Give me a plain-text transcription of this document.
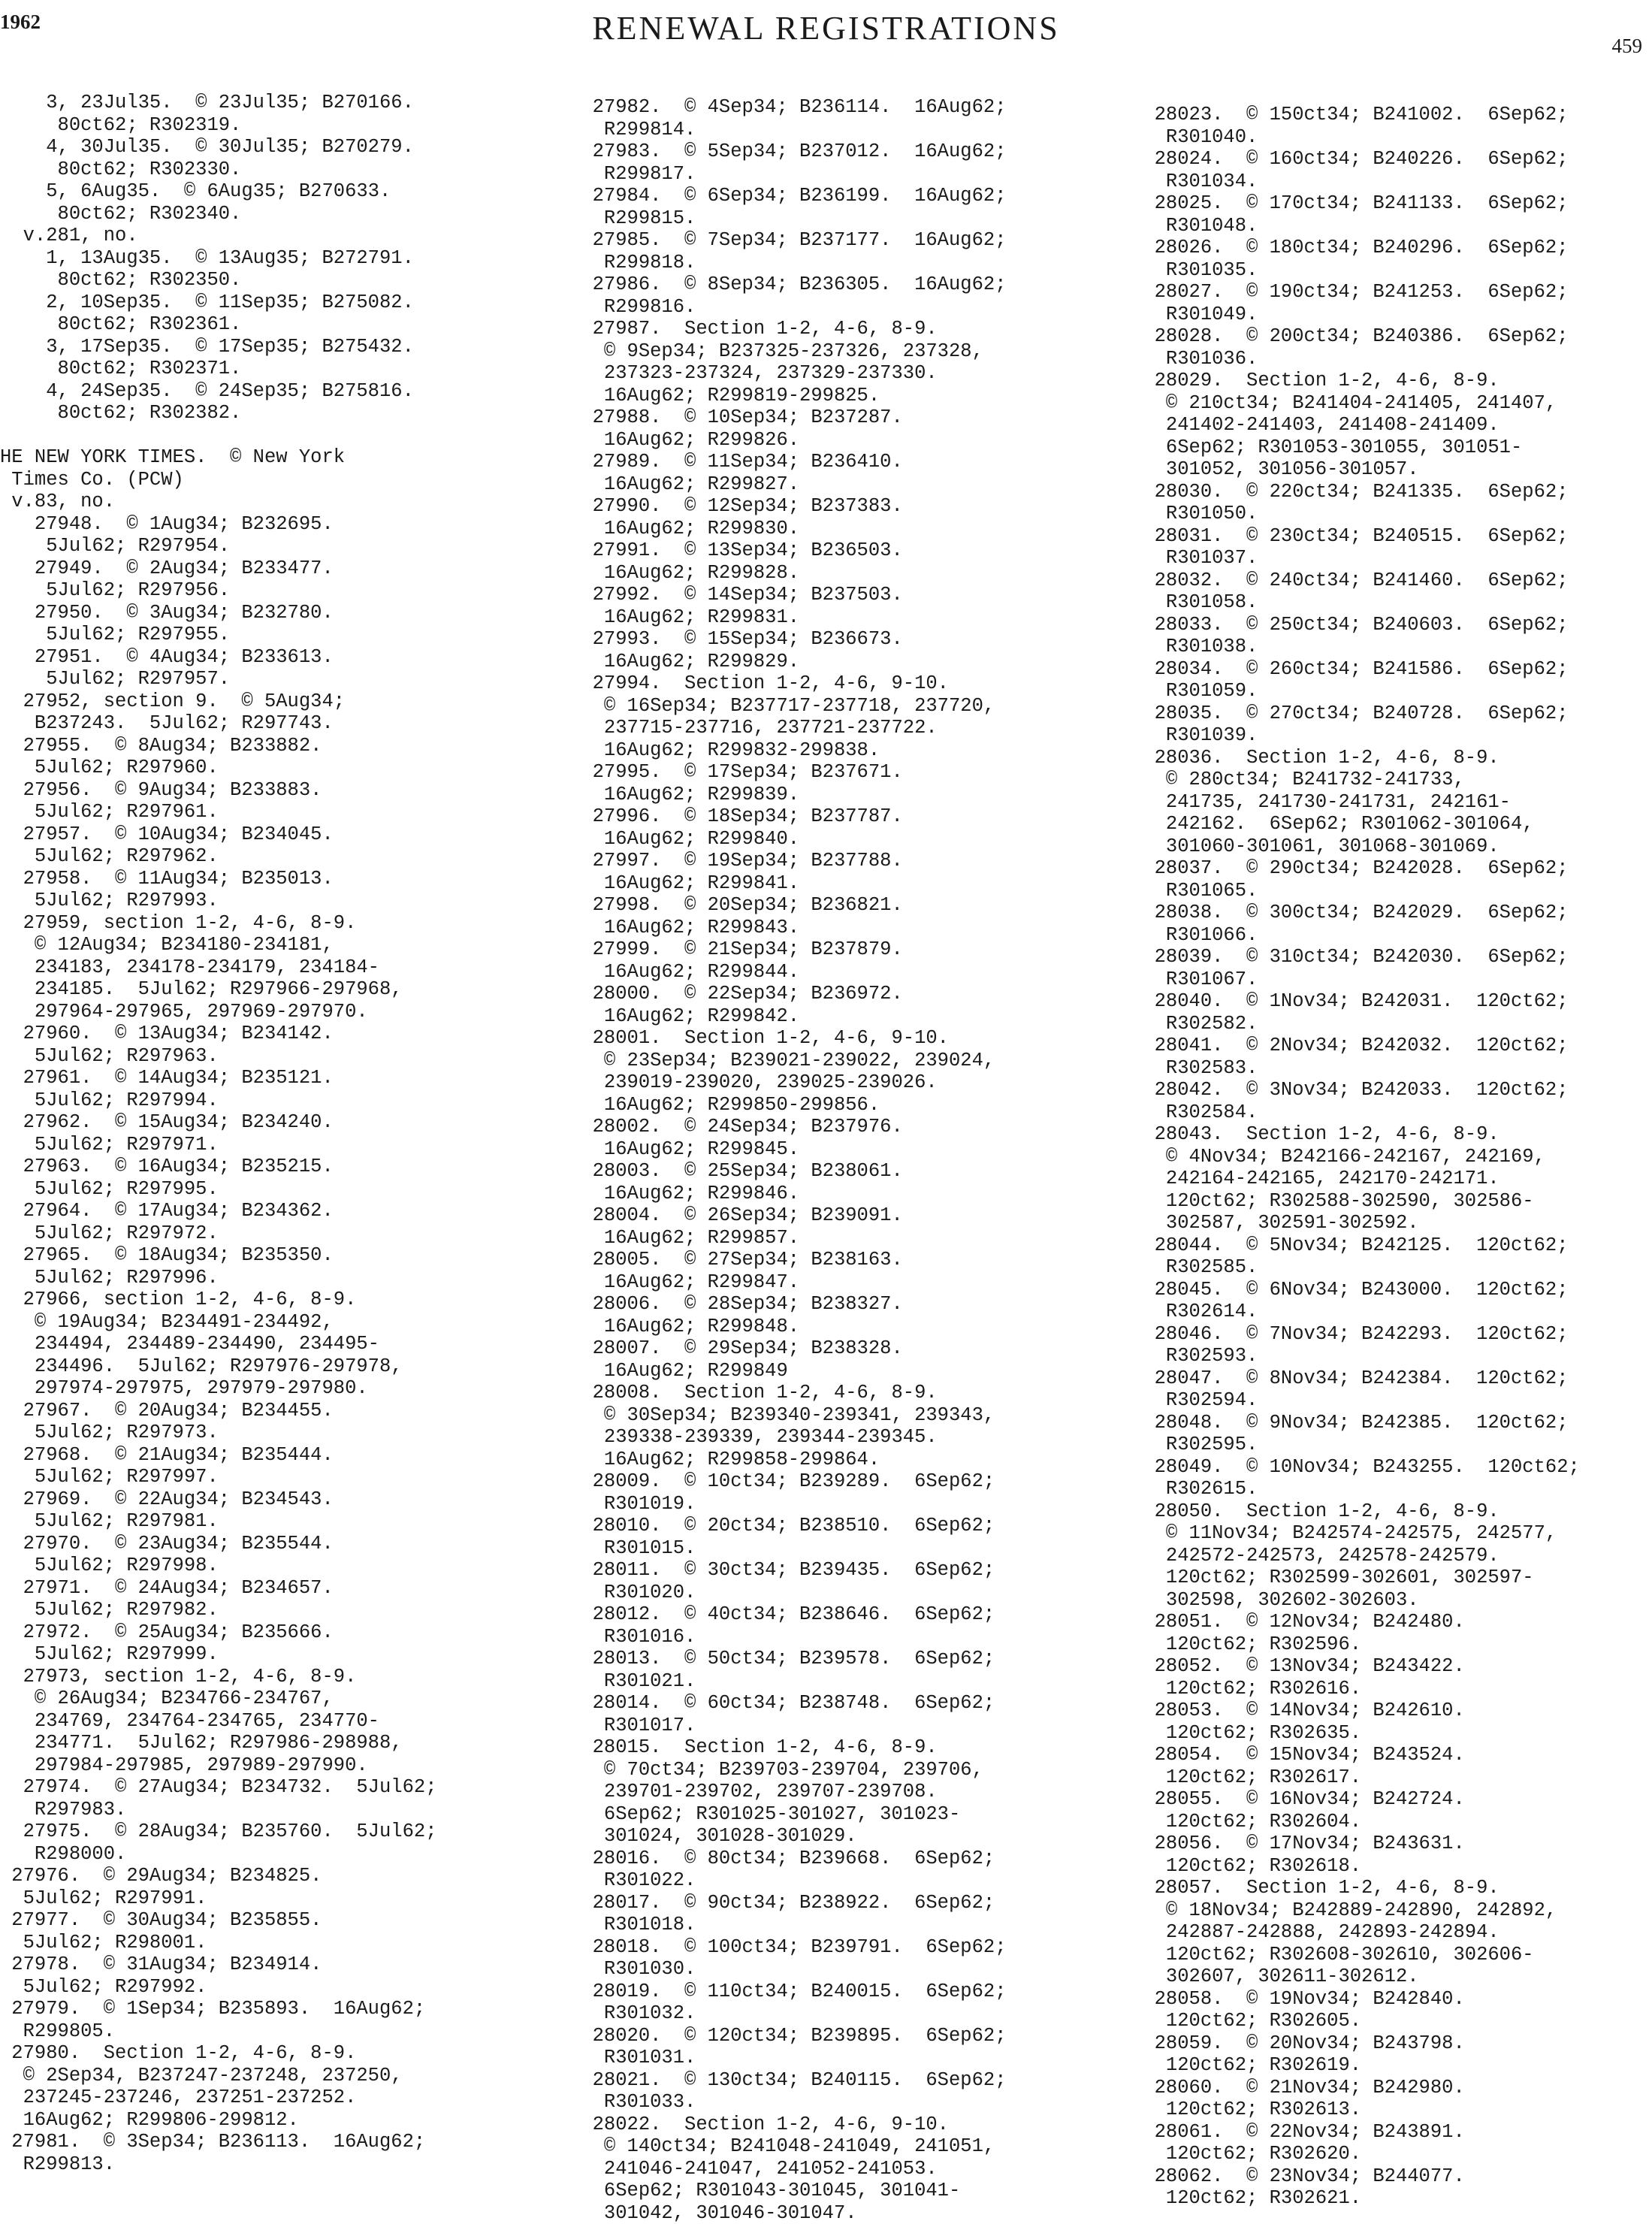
1962	RENEWAL REGISTRATIONS	459
3, 23Jul35.  © 23Jul35; B270166.
80ct62; R302319.
4, 30Jul35.  © 30Jul35; B270279.
80ct62; R302330.
5, 6Aug35.  © 6Aug35; B270633.
80ct62; R302340.
v.281, no.
1, 13Aug35.  © 13Aug35; B272791.
80ct62; R302350.
2, 10Sep35.  © 11Sep35; B275082.
80ct62; R302361.
3, 17Sep35.  © 17Sep35; B275432.
80ct62; R302371.
4, 24Sep35.  © 24Sep35; B275816.
80ct62; R302382.

HE NEW YORK TIMES.  © New York
Times Co. (PCW)
v.83, no.
27948.  © 1Aug34; B232695.
5Jul62; R297954.
27949.  © 2Aug34; B233477.
5Jul62; R297956.
27950.  © 3Aug34; B232780.
5Jul62; R297955.
27951.  © 4Aug34; B233613.
5Jul62; R297957.
27952, section 9.  © 5Aug34;
B237243.  5Jul62; R297743.
27955.  © 8Aug34; B233882.
5Jul62; R297960.
27956.  © 9Aug34; B233883.
5Jul62; R297961.
27957.  © 10Aug34; B234045.
5Jul62; R297962.
27958.  © 11Aug34; B235013.
5Jul62; R297993.
27959, section 1-2, 4-6, 8-9.
© 12Aug34; B234180-234181,
234183, 234178-234179, 234184-
234185.  5Jul62; R297966-297968,
297964-297965, 297969-297970.
27960.  © 13Aug34; B234142.
5Jul62; R297963.
27961.  © 14Aug34; B235121.
5Jul62; R297994.
27962.  © 15Aug34; B234240.
5Jul62; R297971.
27963.  © 16Aug34; B235215.
5Jul62; R297995.
27964.  © 17Aug34; B234362.
5Jul62; R297972.
27965.  © 18Aug34; B235350.
5Jul62; R297996.
27966, section 1-2, 4-6, 8-9.
© 19Aug34; B234491-234492,
234494, 234489-234490, 234495-
234496.  5Jul62; R297976-297978,
297974-297975, 297979-297980.
27967.  © 20Aug34; B234455.
5Jul62; R297973.
27968.  © 21Aug34; B235444.
5Jul62; R297997.
27969.  © 22Aug34; B234543.
5Jul62; R297981.
27970.  © 23Aug34; B235544.
5Jul62; R297998.
27971.  © 24Aug34; B234657.
5Jul62; R297982.
27972.  © 25Aug34; B235666.
5Jul62; R297999.
27973, section 1-2, 4-6, 8-9.
© 26Aug34; B234766-234767,
234769, 234764-234765, 234770-
234771.  5Jul62; R297986-298988,
297984-297985, 297989-297990.
27974.  © 27Aug34; B234732.  5Jul62;
R297983.
27975.  © 28Aug34; B235760.  5Jul62;
R298000.
27976.  © 29Aug34; B234825.
5Jul62; R297991.
27977.  © 30Aug34; B235855.
5Jul62; R298001.
27978.  © 31Aug34; B234914.
5Jul62; R297992.
27979.  © 1Sep34; B235893.  16Aug62;
R299805.
27980.  Section 1-2, 4-6, 8-9.
© 2Sep34, B237247-237248, 237250,
237245-237246, 237251-237252.
16Aug62; R299806-299812.
27981.  © 3Sep34; B236113.  16Aug62;
R299813.
27982.  © 4Sep34; B236114.  16Aug62;
R299814.
27983.  © 5Sep34; B237012.  16Aug62;
R299817.
27984.  © 6Sep34; B236199.  16Aug62;
R299815.
27985.  © 7Sep34; B237177.  16Aug62;
R299818.
27986.  © 8Sep34; B236305.  16Aug62;
R299816.
27987.  Section 1-2, 4-6, 8-9.
© 9Sep34; B237325-237326, 237328,
237323-237324, 237329-237330.
16Aug62; R299819-299825.
27988.  © 10Sep34; B237287.
16Aug62; R299826.
27989.  © 11Sep34; B236410.
16Aug62; R299827.
27990.  © 12Sep34; B237383.
16Aug62; R299830.
27991.  © 13Sep34; B236503.
16Aug62; R299828.
27992.  © 14Sep34; B237503.
16Aug62; R299831.
27993.  © 15Sep34; B236673.
16Aug62; R299829.
27994.  Section 1-2, 4-6, 9-10.
© 16Sep34; B237717-237718, 237720,
237715-237716, 237721-237722.
16Aug62; R299832-299838.
27995.  © 17Sep34; B237671.
16Aug62; R299839.
27996.  © 18Sep34; B237787.
16Aug62; R299840.
27997.  © 19Sep34; B237788.
16Aug62; R299841.
27998.  © 20Sep34; B236821.
16Aug62; R299843.
27999.  © 21Sep34; B237879.
16Aug62; R299844.
28000.  © 22Sep34; B236972.
16Aug62; R299842.
28001.  Section 1-2, 4-6, 9-10.
© 23Sep34; B239021-239022, 239024,
239019-239020, 239025-239026.
16Aug62; R299850-299856.
28002.  © 24Sep34; B237976.
16Aug62; R299845.
28003.  © 25Sep34; B238061.
16Aug62; R299846.
28004.  © 26Sep34; B239091.
16Aug62; R299857.
28005.  © 27Sep34; B238163.
16Aug62; R299847.
28006.  © 28Sep34; B238327.
16Aug62; R299848.
28007.  © 29Sep34; B238328.
16Aug62; R299849
28008.  Section 1-2, 4-6, 8-9.
© 30Sep34; B239340-239341, 239343,
239338-239339, 239344-239345.
16Aug62; R299858-299864.
28009.  © 10ct34; B239289.  6Sep62;
R301019.
28010.  © 20ct34; B238510.  6Sep62;
R301015.
28011.  © 30ct34; B239435.  6Sep62;
R301020.
28012.  © 40ct34; B238646.  6Sep62;
R301016.
28013.  © 50ct34; B239578.  6Sep62;
R301021.
28014.  © 60ct34; B238748.  6Sep62;
R301017.
28015.  Section 1-2, 4-6, 8-9.
© 70ct34; B239703-239704, 239706,
239701-239702, 239707-239708.
6Sep62; R301025-301027, 301023-
301024, 301028-301029.
28016.  © 80ct34; B239668.  6Sep62;
R301022.
28017.  © 90ct34; B238922.  6Sep62;
R301018.
28018.  © 100ct34; B239791.  6Sep62;
R301030.
28019.  © 110ct34; B240015.  6Sep62;
R301032.
28020.  © 120ct34; B239895.  6Sep62;
R301031.
28021.  © 130ct34; B240115.  6Sep62;
R301033.
28022.  Section 1-2, 4-6, 9-10.
© 140ct34; B241048-241049, 241051,
241046-241047, 241052-241053.
6Sep62; R301043-301045, 301041-
301042, 301046-301047.
28023.  © 150ct34; B241002.  6Sep62;
R301040.
28024.  © 160ct34; B240226.  6Sep62;
R301034.
28025.  © 170ct34; B241133.  6Sep62;
R301048.
28026.  © 180ct34; B240296.  6Sep62;
R301035.
28027.  © 190ct34; B241253.  6Sep62;
R301049.
28028.  © 200ct34; B240386.  6Sep62;
R301036.
28029.  Section 1-2, 4-6, 8-9.
© 210ct34; B241404-241405, 241407,
241402-241403, 241408-241409.
6Sep62; R301053-301055, 301051-
301052, 301056-301057.
28030.  © 220ct34; B241335.  6Sep62;
R301050.
28031.  © 230ct34; B240515.  6Sep62;
R301037.
28032.  © 240ct34; B241460.  6Sep62;
R301058.
28033.  © 250ct34; B240603.  6Sep62;
R301038.
28034.  © 260ct34; B241586.  6Sep62;
R301059.
28035.  © 270ct34; B240728.  6Sep62;
R301039.
28036.  Section 1-2, 4-6, 8-9.
© 280ct34; B241732-241733,
241735, 241730-241731, 242161-
242162.  6Sep62; R301062-301064,
301060-301061, 301068-301069.
28037.  © 290ct34; B242028.  6Sep62;
R301065.
28038.  © 300ct34; B242029.  6Sep62;
R301066.
28039.  © 310ct34; B242030.  6Sep62;
R301067.
28040.  © 1Nov34; B242031.  120ct62;
R302582.
28041.  © 2Nov34; B242032.  120ct62;
R302583.
28042.  © 3Nov34; B242033.  120ct62;
R302584.
28043.  Section 1-2, 4-6, 8-9.
© 4Nov34; B242166-242167, 242169,
242164-242165, 242170-242171.
120ct62; R302588-302590, 302586-
302587, 302591-302592.
28044.  © 5Nov34; B242125.  120ct62;
R302585.
28045.  © 6Nov34; B243000.  120ct62;
R302614.
28046.  © 7Nov34; B242293.  120ct62;
R302593.
28047.  © 8Nov34; B242384.  120ct62;
R302594.
28048.  © 9Nov34; B242385.  120ct62;
R302595.
28049.  © 10Nov34; B243255.  120ct62;
R302615.
28050.  Section 1-2, 4-6, 8-9.
© 11Nov34; B242574-242575, 242577,
242572-242573, 242578-242579.
120ct62; R302599-302601, 302597-
302598, 302602-302603.
28051.  © 12Nov34; B242480.
120ct62; R302596.
28052.  © 13Nov34; B243422.
120ct62; R302616.
28053.  © 14Nov34; B242610.
120ct62; R302635.
28054.  © 15Nov34; B243524.
120ct62; R302617.
28055.  © 16Nov34; B242724.
120ct62; R302604.
28056.  © 17Nov34; B243631.
120ct62; R302618.
28057.  Section 1-2, 4-6, 8-9.
© 18Nov34; B242889-242890, 242892,
242887-242888, 242893-242894.
120ct62; R302608-302610, 302606-
302607, 302611-302612.
28058.  © 19Nov34; B242840.
120ct62; R302605.
28059.  © 20Nov34; B243798.
120ct62; R302619.
28060.  © 21Nov34; B242980.
120ct62; R302613.
28061.  © 22Nov34; B243891.
120ct62; R302620.
28062.  © 23Nov34; B244077.
120ct62; R302621.
